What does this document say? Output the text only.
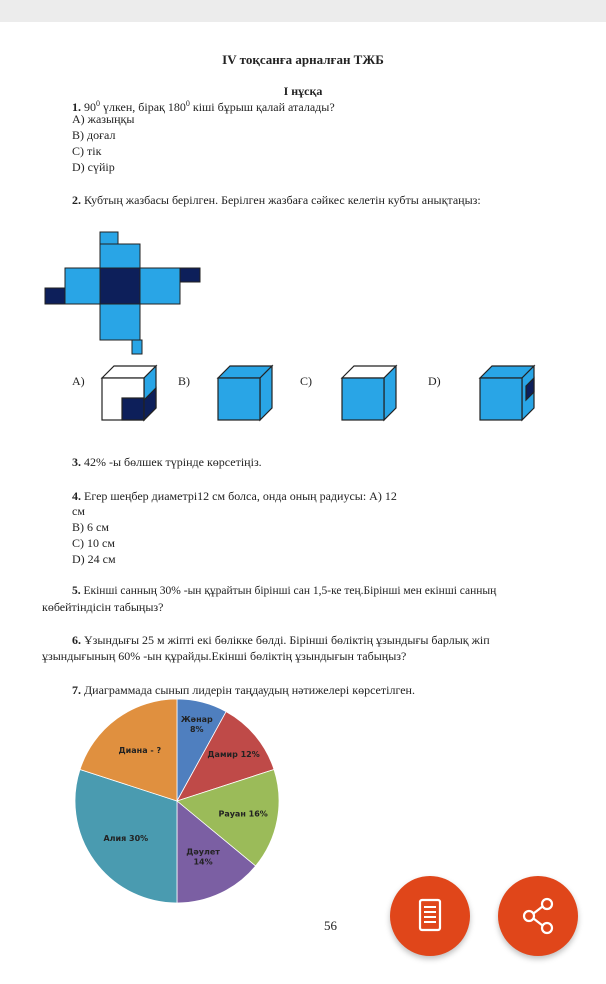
IV тоқсанға арналған ТЖБ
I нұсқа
1. $90^0$ үлкен, бірақ $180^0$ кіші бұрыш қалай аталады?
A) жазыңқы
B) доғал
C) тік
D) сүйір
2. Кубтың жазбасы берілген. Берілген жазбаға сәйкес келетін кубты анықтаңыз:
A)	B)	C)	D)
3. 42% -ы бөлшек түрінде көрсетіңіз.
4. Егер шеңбер диаметрі12 см болса, онда оның радиусы: A) 12
см
B) 6 см
C) 10 см
D) 24 см
5. Екінші санның 30% -ын құрайтын бірінші сан 1,5-ке тең.Бірінші мен екінші санның
көбейтіндісін табыңыз?
6. Ұзындығы 25 м жіпті екі бөлікке бөлді. Бірінші бөліктің ұзындығы барлық жіп
ұзындығының 60% -ын құрайды.Екінші бөліктің ұзындығын табыңыз?
7. Диаграммада сынып лидерін таңдаудың нәтижелері көрсетілген.
Жәнар 8%
Дамир 12%
Рауан 16%
Дәулет 14%
Алия 30%
Диана - ?
56
